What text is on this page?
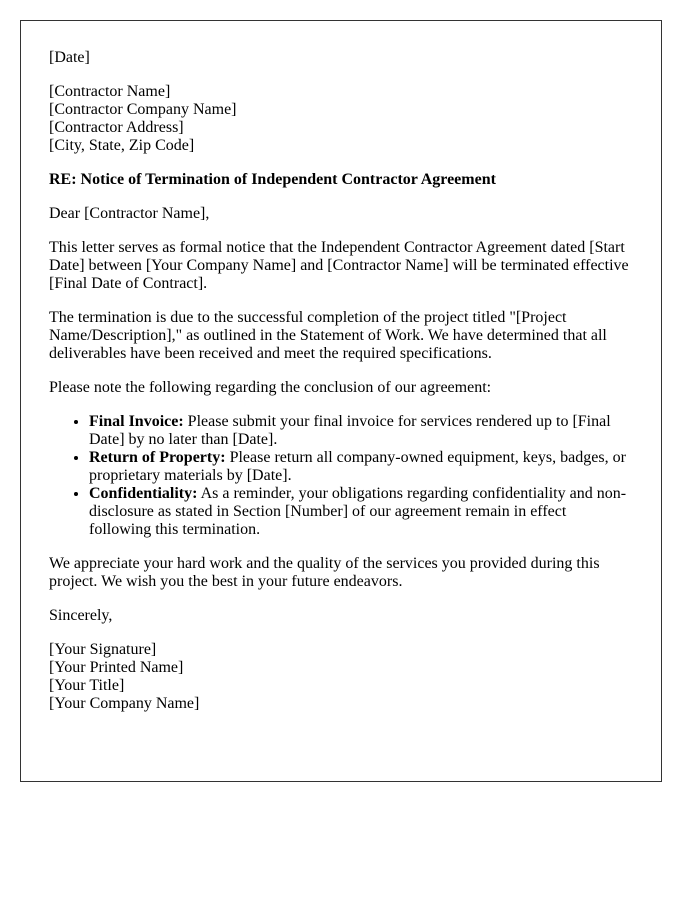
[Date]

[Contractor Name]
[Contractor Company Name]
[Contractor Address]
[City, State, Zip Code]

RE: Notice of Termination of Independent Contractor Agreement

Dear [Contractor Name],

This letter serves as formal notice that the Independent Contractor Agreement dated [Start Date] between [Your Company Name] and [Contractor Name] will be terminated effective [Final Date of Contract].

The termination is due to the successful completion of the project titled "[Project Name/Description]," as outlined in the Statement of Work. We have determined that all deliverables have been received and meet the required specifications.

Please note the following regarding the conclusion of our agreement:

• Final Invoice: Please submit your final invoice for services rendered up to [Final Date] by no later than [Date].
• Return of Property: Please return all company-owned equipment, keys, badges, or proprietary materials by [Date].
• Confidentiality: As a reminder, your obligations regarding confidentiality and non-disclosure as stated in Section [Number] of our agreement remain in effect following this termination.

We appreciate your hard work and the quality of the services you provided during this project. We wish you the best in your future endeavors.

Sincerely,

[Your Signature]
[Your Printed Name]
[Your Title]
[Your Company Name]
